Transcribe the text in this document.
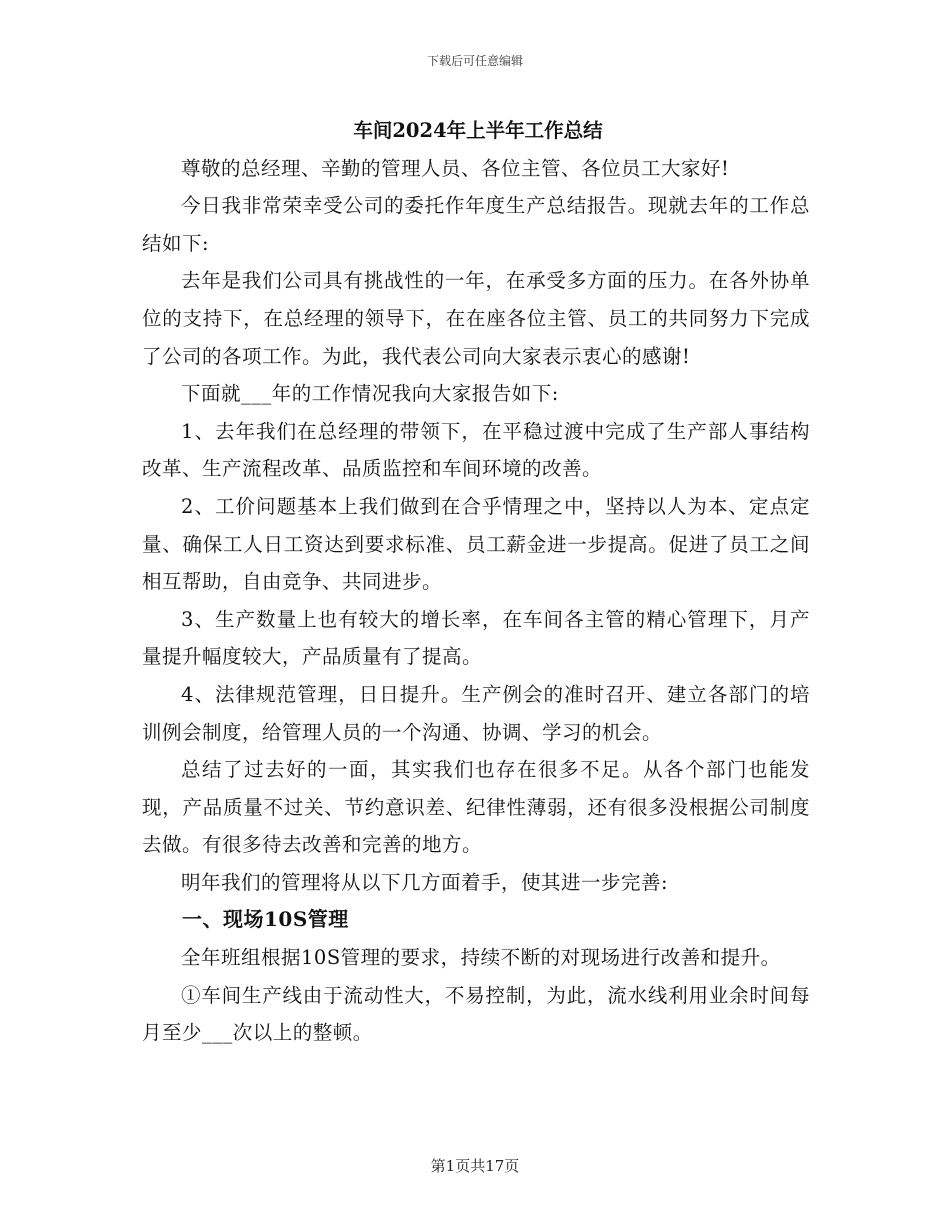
下载后可任意编辑
车间2024年上半年工作总结

尊敬的总经理、辛勤的管理人员、各位主管、各位员工大家好!

今日我非常荣幸受公司的委托作年度生产总结报告。现就去年的工作总结如下:

去年是我们公司具有挑战性的一年，在承受多方面的压力。在各外协单位的支持下，在总经理的领导下，在在座各位主管、员工的共同努力下完成了公司的各项工作。为此，我代表公司向大家表示衷心的感谢!

下面就___年的工作情况我向大家报告如下:

1、去年我们在总经理的带领下，在平稳过渡中完成了生产部人事结构改革、生产流程改革、品质监控和车间环境的改善。

2、工价问题基本上我们做到在合乎情理之中，坚持以人为本、定点定量、确保工人日工资达到要求标准、员工薪金进一步提高。促进了员工之间相互帮助，自由竞争、共同进步。

3、生产数量上也有较大的增长率，在车间各主管的精心管理下，月产量提升幅度较大，产品质量有了提高。

4、法律规范管理，日日提升。生产例会的准时召开、建立各部门的培训例会制度，给管理人员的一个沟通、协调、学习的机会。

总结了过去好的一面，其实我们也存在很多不足。从各个部门也能发现，产品质量不过关、节约意识差、纪律性薄弱，还有很多没根据公司制度去做。有很多待去改善和完善的地方。

明年我们的管理将从以下几方面着手，使其进一步完善:

一、现场10S管理

全年班组根据10S管理的要求，持续不断的对现场进行改善和提升。

①车间生产线由于流动性大，不易控制，为此，流水线利用业余时间每月至少___次以上的整顿。

第1页共17页
